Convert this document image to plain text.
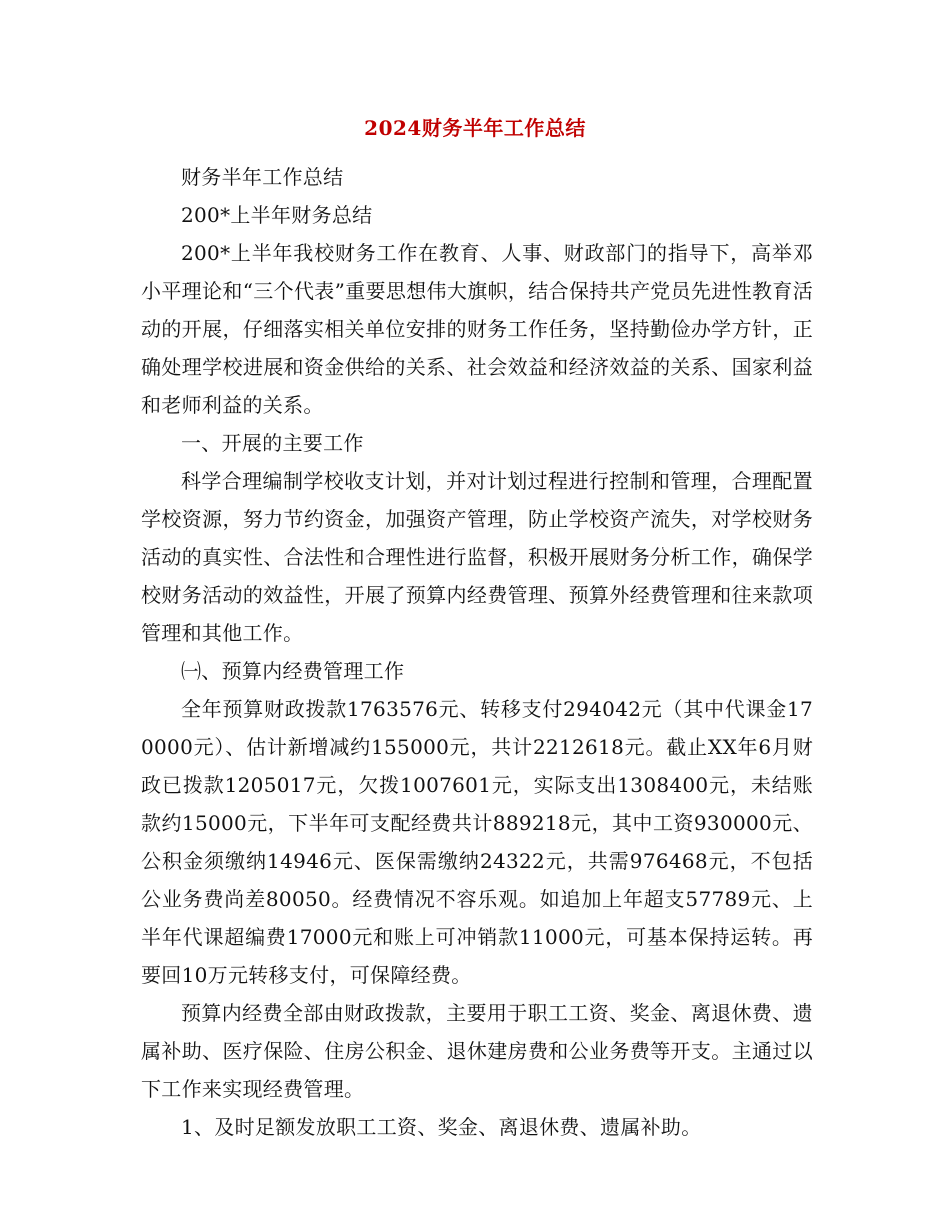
2024财务半年工作总结

财务半年工作总结

200*上半年财务总结

200*上半年我校财务工作在教育、人事、财政部门的指导下，高举邓小平理论和“三个代表”重要思想伟大旗帜，结合保持共产党员先进性教育活动的开展，仔细落实相关单位安排的财务工作任务，坚持勤俭办学方针，正确处理学校进展和资金供给的关系、社会效益和经济效益的关系、国家利益和老师利益的关系。

一、开展的主要工作

科学合理编制学校收支计划，并对计划过程进行控制和管理，合理配置学校资源，努力节约资金，加强资产管理，防止学校资产流失，对学校财务活动的真实性、合法性和合理性进行监督，积极开展财务分析工作，确保学校财务活动的效益性，开展了预算内经费管理、预算外经费管理和往来款项管理和其他工作。

㈠、预算内经费管理工作

全年预算财政拨款1763576元、转移支付294042元（其中代课金170000元）、估计新增减约155000元，共计2212618元。截止XX年6月财政已拨款1205017元，欠拨1007601元，实际支出1308400元，未结账款约15000元，下半年可支配经费共计889218元，其中工资930000元、公积金须缴纳14946元、医保需缴纳24322元，共需976468元，不包括公业务费尚差80050。经费情况不容乐观。如追加上年超支57789元、上半年代课超编费17000元和账上可冲销款11000元，可基本保持运转。再要回10万元转移支付，可保障经费。

预算内经费全部由财政拨款，主要用于职工工资、奖金、离退休费、遗属补助、医疗保险、住房公积金、退休建房费和公业务费等开支。主通过以下工作来实现经费管理。

1、及时足额发放职工工资、奖金、离退休费、遗属补助。
